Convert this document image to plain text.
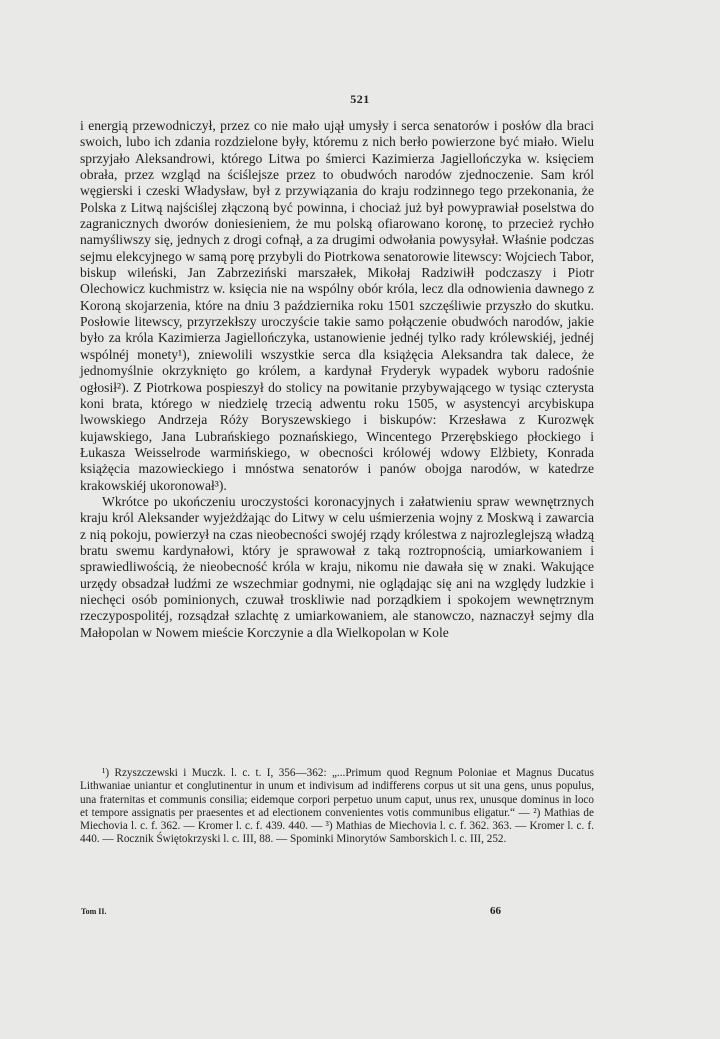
521

i energią przewodniczył, przez co nie mało ujął umysły i serca senatorów i posłów dla braci swoich, lubo ich zdania rozdzielone były, któremu z nich berło powierzone być miało. Wielu sprzyjało Aleksandrowi, którego Litwa po śmierci Kazimierza Jagiellończyka w. księciem obrała, przez wzgląd na ściślejsze przez to obudwóch narodów zjednoczenie. Sam król węgierski i czeski Władysław, był z przywiązania do kraju rodzinnego tego przekonania, że Polska z Litwą najściślej złączoną być powinna, i chociaż już był powyprawiał poselstwa do zagranicznych dworów doniesieniem, że mu polską ofiarowano koronę, to przecież rychło namyśliwszy się, jednych z drogi cofnął, a za drugimi odwołania powysyłał. Właśnie podczas sejmu elekcyjnego w samą porę przybyli do Piotrkowa senatorowie litewscy: Wojciech Tabor, biskup wileński, Jan Zabrzeziński marszałek, Mikołaj Radziwiłł podczaszy i Piotr Olechowicz kuchmistrz w. księcia nie na wspólny obór króla, lecz dla odnowienia dawnego z Koroną skojarzenia, które na dniu 3 października roku 1501 szczęśliwie przyszło do skutku. Posłowie litewscy, przyrzekłszy uroczyście takie samo połączenie obudwóch narodów, jakie było za króla Kazimierza Jagiellończyka, ustanowienie jednéj tylko rady królewskiéj, jednéj wspólnéj monety¹), zniewolili wszystkie serca dla książęcia Aleksandra tak dalece, że jednomyślnie okrzyknięto go królem, a kardynał Fryderyk wypadek wyboru radośnie ogłosił²). Z Piotrkowa pospieszył do stolicy na powitanie przybywającego w tysiąc czterysta koni brata, którego w niedzielę trzecią adwentu roku 1505, w asystencyi arcybiskupa lwowskiego Andrzeja Róży Boryszewskiego i biskupów: Krzesława z Kurozwęk kujawskiego, Jana Lubrańskiego poznańskiego, Wincentego Przerębskiego płockiego i Łukasza Weisselrode warmińskiego, w obecności królowéj wdowy Elżbiety, Konrada książęcia mazowieckiego i mnóstwa senatorów i panów obojga narodów, w katedrze krakowskiéj ukoronował³).

Wkrótce po ukończeniu uroczystości koronacyjnych i załatwieniu spraw wewnętrznych kraju król Aleksander wyjeżdżając do Litwy w celu uśmierzenia wojny z Moskwą i zawarcia z nią pokoju, powierzył na czas nieobecności swojéj rządy królestwa z najrozleglejszą władzą bratu swemu kardynałowi, który je sprawował z taką roztropnością, umiarkowaniem i sprawiedliwością, że nieobecność króla w kraju, nikomu nie dawała się w znaki. Wakujące urzędy obsadzał ludźmi ze wszechmiar godnymi, nie oglądając się ani na względy ludzkie i niechęci osób pominionych, czuwał troskliwie nad porządkiem i spokojem wewnętrznym rzeczypospolitéj, rozsądzał szlachtę z umiarkowaniem, ale stanowczo, naznaczył sejmy dla Małopolan w Nowem mieście Korczynie a dla Wielkopolan w Kole

¹) Rzyszczewski i Muczk. l. c. t. I, 356—362: „...Primum quod Regnum Poloniae et Magnus Ducatus Lithwaniae uniantur et conglutinentur in unum et indivisum ad indifferens corpus ut sit una gens, unus populus, una fraternitas et communis consilia; eidemque corpori perpetuo unum caput, unus rex, unusque dominus in loco et tempore assignatis per praesentes et ad electionem convenientes votis communibus eligatur.“ — ²) Mathias de Miechovia l. c. f. 362. — Kromer l. c. f. 439. 440. — ³) Mathias de Miechovia l. c. f. 362. 363. — Kromer l. c. f. 440. — Rocznik Świętokrzyski l. c. III, 88. — Spominki Minorytów Samborskich l. c. III, 252.

Tom II.	66
